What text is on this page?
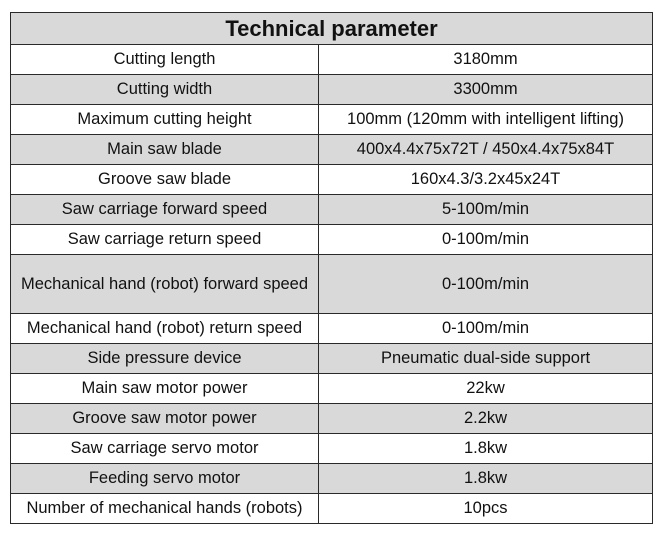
Technical parameter	
Cutting length	3180mm
Cutting width	3300mm
Maximum cutting height	100mm (120mm with intelligent lifting)
Main saw blade	400x4.4x75x72T / 450x4.4x75x84T
Groove saw blade	160x4.3/3.2x45x24T
Saw carriage forward speed	5-100m/min
Saw carriage return speed	0-100m/min
Mechanical hand (robot) forward speed	0-100m/min
Mechanical hand (robot) return speed	0-100m/min
Side pressure device	Pneumatic dual-side support
Main saw motor power	22kw
Groove saw motor power	2.2kw
Saw carriage servo motor	1.8kw
Feeding servo motor	1.8kw
Number of mechanical hands (robots)	10pcs
